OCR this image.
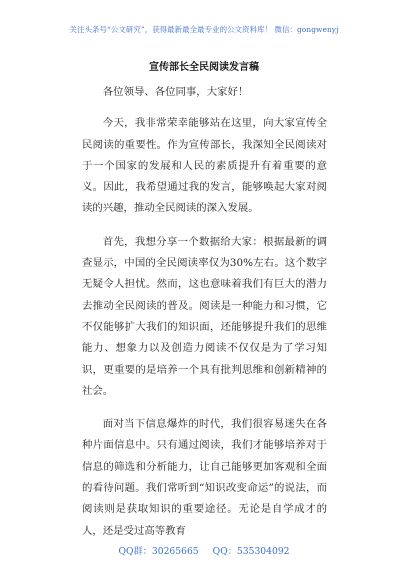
关注头条号“公文研究”，获得最新最全最专业的公文资料库！ 微信：gongwenyj
宣传部长全民阅读发言稿

各位领导、各位同事，大家好！

今天，我非常荣幸能够站在这里，向大家宣传全民阅读的重要性。作为宣传部长，我深知全民阅读对于一个国家的发展和人民的素质提升有着重要的意义。因此，我希望通过我的发言，能够唤起大家对阅读的兴趣，推动全民阅读的深入发展。

首先，我想分享一个数据给大家：根据最新的调查显示，中国的全民阅读率仅为30%左右。这个数字无疑令人担忧。然而，这也意味着我们有巨大的潜力去推动全民阅读的普及。阅读是一种能力和习惯，它不仅能够扩大我们的知识面，还能够提升我们的思维能力、想象力以及创造力阅读不仅仅是为了学习知识，更重要的是培养一个具有批判思维和创新精神的社会。

面对当下信息爆炸的时代，我们很容易迷失在各种片面信息中。只有通过阅读，我们才能够培养对于信息的筛选和分析能力，让自己能够更加客观和全面的看待问题。我们常听到“知识改变命运”的说法，而阅读则是获取知识的重要途径。无论是自学成才的人，还是受过高等教育

QQ群：30265665 QQ：535304092
